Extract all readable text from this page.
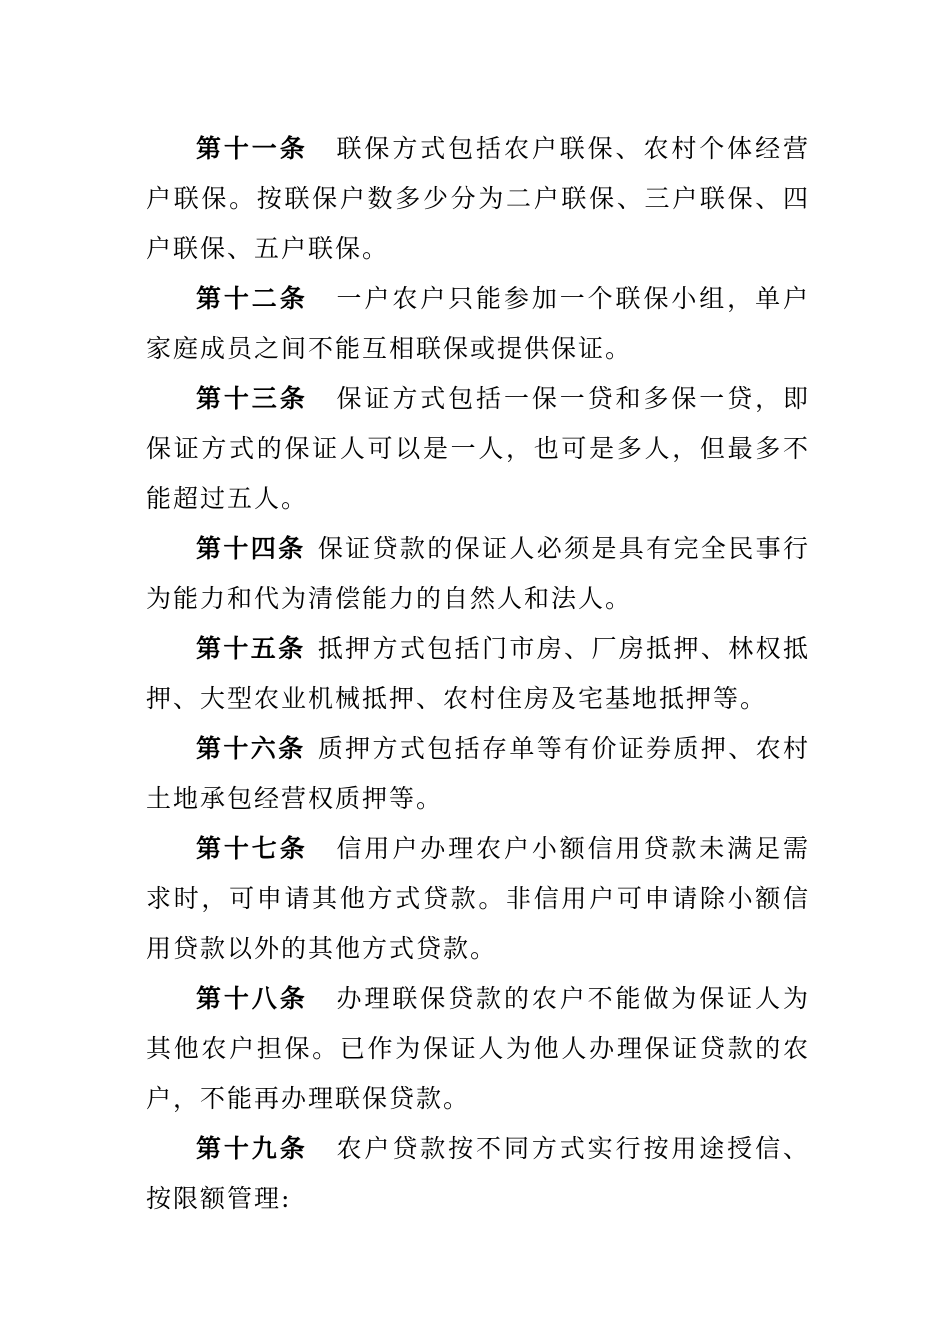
第十一条 联保方式包括农户联保、农村个体经营户联保。按联保户数多少分为二户联保、三户联保、四户联保、五户联保。

第十二条 一户农户只能参加一个联保小组，单户家庭成员之间不能互相联保或提供保证。

第十三条 保证方式包括一保一贷和多保一贷，即保证方式的保证人可以是一人，也可是多人，但最多不能超过五人。

第十四条 保证贷款的保证人必须是具有完全民事行为能力和代为清偿能力的自然人和法人。

第十五条 抵押方式包括门市房、厂房抵押、林权抵押、大型农业机械抵押、农村住房及宅基地抵押等。

第十六条 质押方式包括存单等有价证券质押、农村土地承包经营权质押等。

第十七条 信用户办理农户小额信用贷款未满足需求时，可申请其他方式贷款。非信用户可申请除小额信用贷款以外的其他方式贷款。

第十八条 办理联保贷款的农户不能做为保证人为其他农户担保。已作为保证人为他人办理保证贷款的农户，不能再办理联保贷款。

第十九条 农户贷款按不同方式实行按用途授信、按限额管理:
